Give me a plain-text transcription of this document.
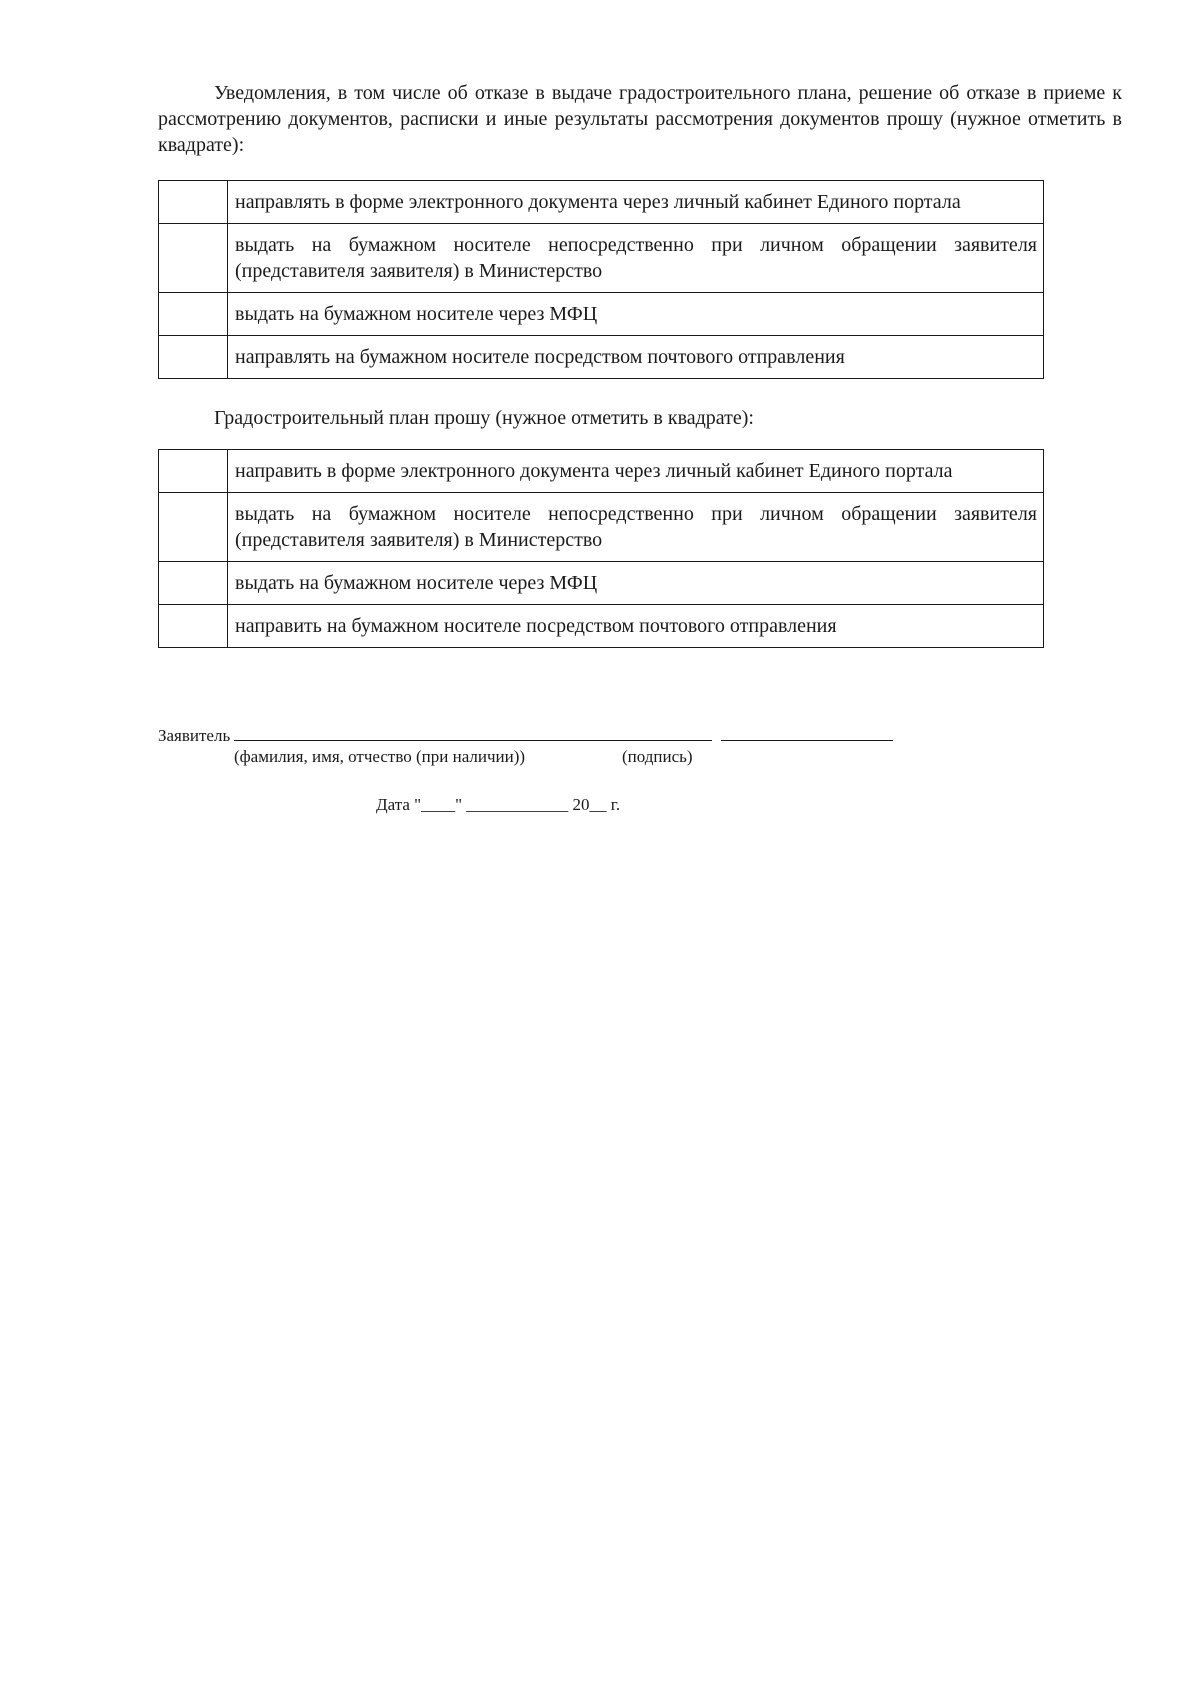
Уведомления, в том числе об отказе в выдаче градостроительного плана, решение об отказе в приеме к рассмотрению документов, расписки и иные результаты рассмотрения документов прошу (нужное отметить в квадрате):

	направлять в форме электронного документа через личный кабинет Единого портала
	выдать на бумажном носителе непосредственно при личном обращении заявителя (представителя заявителя) в Министерство
	выдать на бумажном носителе через МФЦ
	направлять на бумажном носителе посредством почтового отправления

Градостроительный план прошу (нужное отметить в квадрате):

	направить в форме электронного документа через личный кабинет Единого портала
	выдать на бумажном носителе непосредственно при личном обращении заявителя (представителя заявителя) в Министерство
	выдать на бумажном носителе через МФЦ
	направить на бумажном носителе посредством почтового отправления
Заявитель
(фамилия, имя, отчество (при наличии))	(подпись)
Дата "____" ____________ 20__ г.
